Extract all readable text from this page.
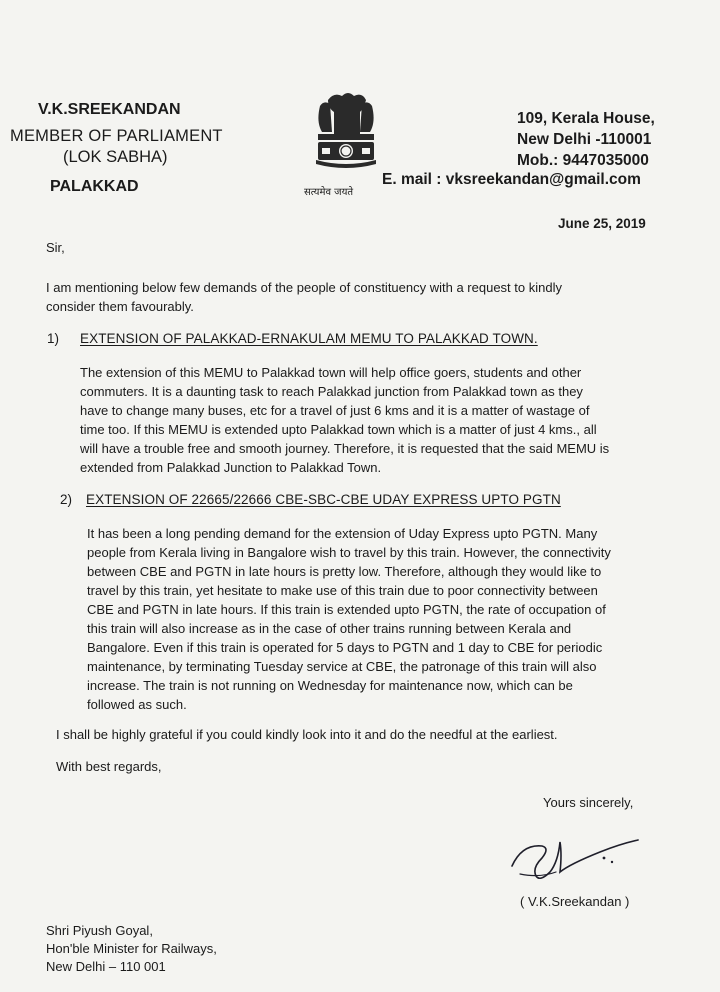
V.K.SREEKANDAN
MEMBER OF PARLIAMENT
(LOK SABHA)
PALAKKAD	सत्यमेव जयते
109, Kerala House,
New Delhi -110001
Mob.: 9447035000
E. mail : vksreekandan@gmail.com
June 25, 2019
Sir,
I am mentioning below few demands of the people of constituency with a request to kindly
consider them favourably.
1) EXTENSION OF PALAKKAD-ERNAKULAM MEMU TO PALAKKAD TOWN.
The extension of this MEMU to Palakkad town will help office goers, students and other
commuters. It is a daunting task to reach Palakkad junction from Palakkad town as they
have to change many buses, etc for a travel of just 6 kms and it is a matter of wastage of
time too. If this MEMU is extended upto Palakkad town which is a matter of just 4 kms., all
will have a trouble free and smooth journey. Therefore, it is requested that the said MEMU is
extended from Palakkad Junction to Palakkad Town.
2) EXTENSION OF 22665/22666 CBE-SBC-CBE UDAY EXPRESS UPTO PGTN
It has been a long pending demand for the extension of Uday Express upto PGTN. Many
people from Kerala living in Bangalore wish to travel by this train. However, the connectivity
between CBE and PGTN in late hours is pretty low. Therefore, although they would like to
travel by this train, yet hesitate to make use of this train due to poor connectivity between
CBE and PGTN in late hours. If this train is extended upto PGTN, the rate of occupation of
this train will also increase as in the case of other trains running between Kerala and
Bangalore. Even if this train is operated for 5 days to PGTN and 1 day to CBE for periodic
maintenance, by terminating Tuesday service at CBE, the patronage of this train will also
increase. The train is not running on Wednesday for maintenance now, which can be
followed as such.
I shall be highly grateful if you could kindly look into it and do the needful at the earliest.
With best regards,
Yours sincerely,
( V.K.Sreekandan )
Shri Piyush Goyal,
Hon'ble Minister for Railways,
New Delhi – 110 001
